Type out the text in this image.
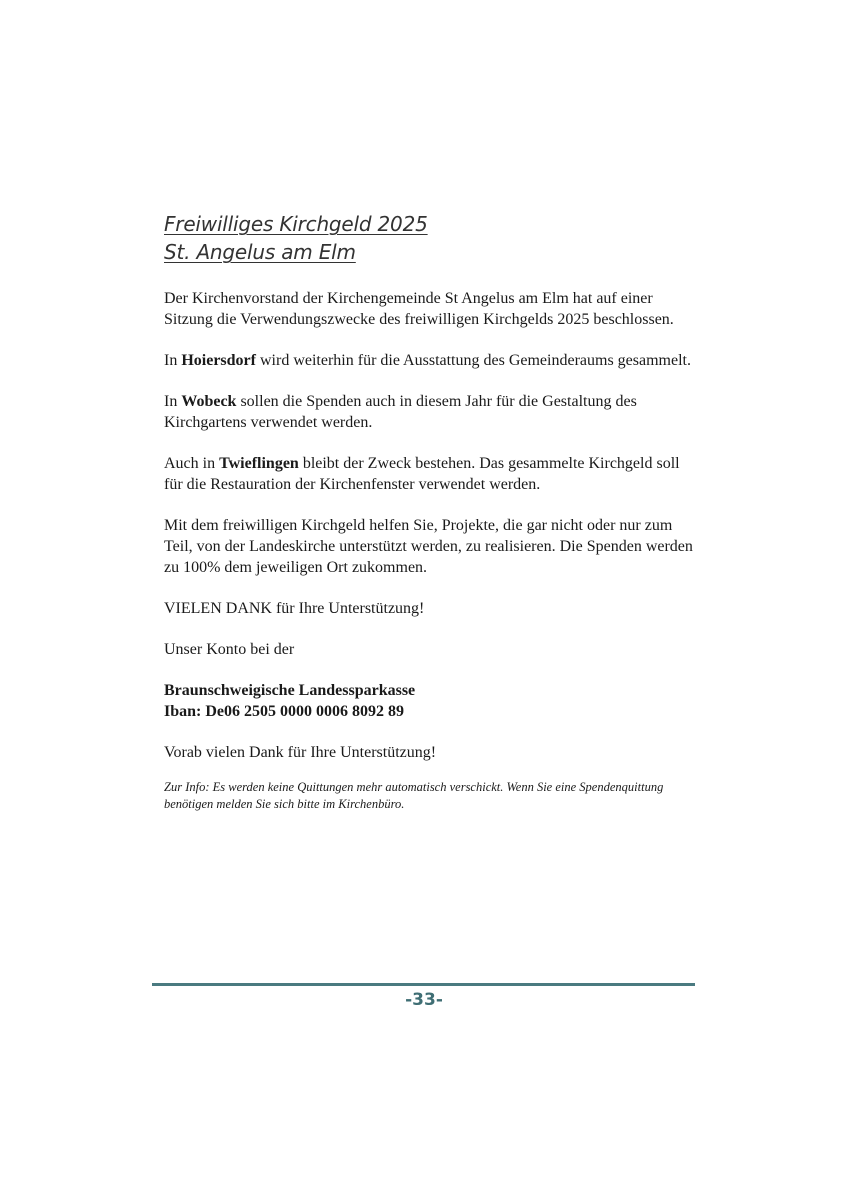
Freiwilliges Kirchgeld 2025
St. Angelus am Elm

Der Kirchenvorstand der Kirchengemeinde St Angelus am Elm hat auf einer Sitzung die Verwendungszwecke des freiwilligen Kirchgelds 2025 beschlossen.

In Hoiersdorf wird weiterhin für die Ausstattung des Gemeinderaums gesammelt.

In Wobeck sollen die Spenden auch in diesem Jahr für die Gestaltung des Kirchgartens verwendet werden.

Auch in Twieflingen bleibt der Zweck bestehen. Das gesammelte Kirchgeld soll für die Restauration der Kirchenfenster verwendet werden.

Mit dem freiwilligen Kirchgeld helfen Sie, Projekte, die gar nicht oder nur zum Teil, von der Landeskirche unterstützt werden, zu realisieren. Die Spenden werden zu 100% dem jeweiligen Ort zukommen.

VIELEN DANK für Ihre Unterstützung!

Unser Konto bei der

Braunschweigische Landessparkasse
Iban: De06 2505 0000 0006 8092 89

Vorab vielen Dank für Ihre Unterstützung!

Zur Info: Es werden keine Quittungen mehr automatisch verschickt. Wenn Sie eine Spendenquittung benötigen melden Sie sich bitte im Kirchenbüro.

-33-
